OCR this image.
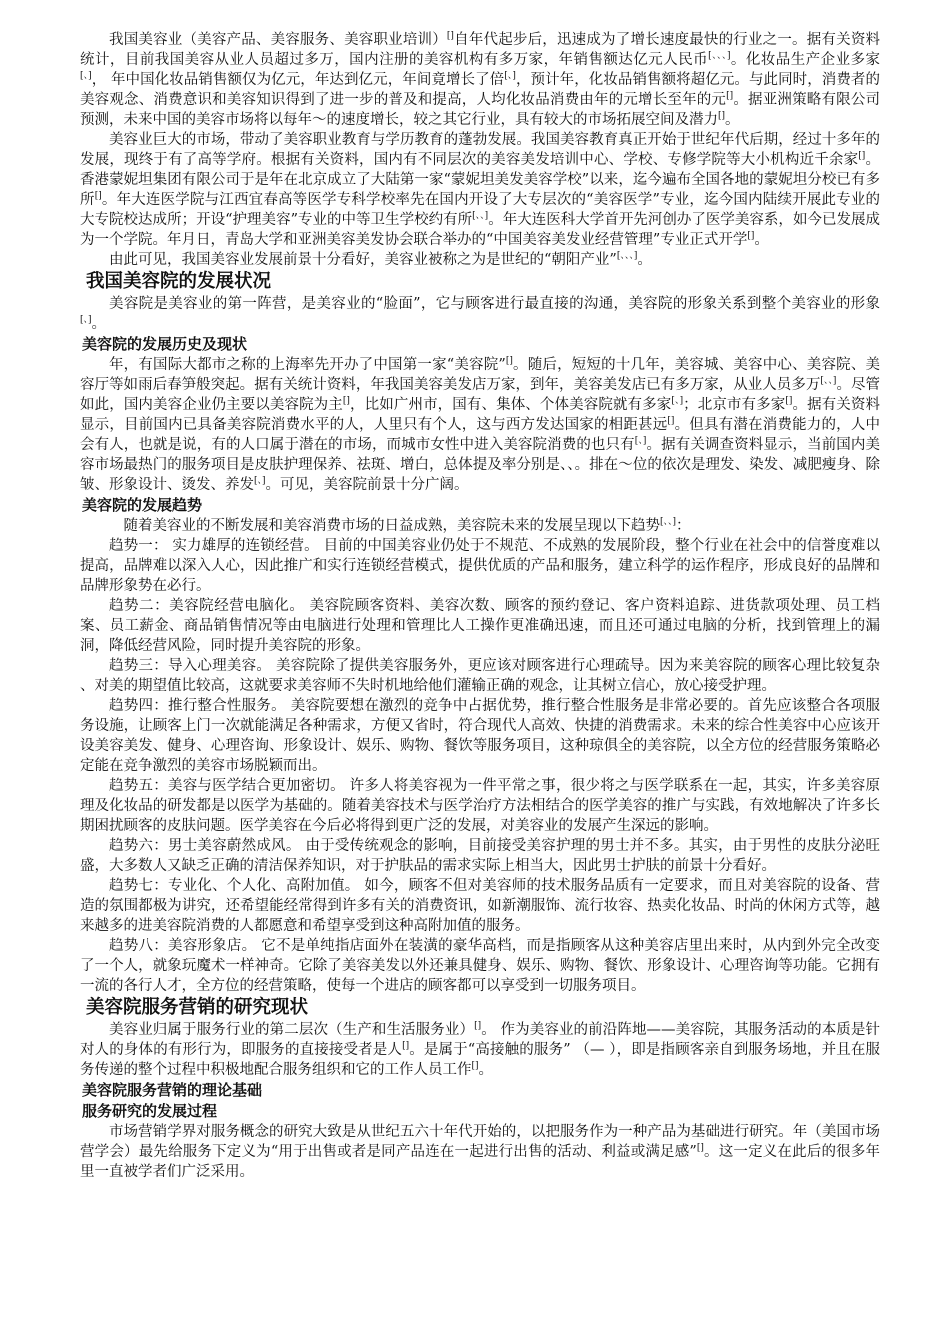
我国美容业（美容产品、美容服务、美容职业培训）[]自年代起步后，迅速成为了增长速度最快的行业之一。据有关资料统计，目前我国美容从业人员超过多万，国内注册的美容机构有多万家，年销售额达亿元人民币[、、、]。化妆品生产企业多家[、]， 年中国化妆品销售额仅为亿元，年达到亿元，年间竟增长了倍[、]，预计年，化妆品销售额将超亿元。与此同时，消费者的美容观念、消费意识和美容知识得到了进一步的普及和提高，人均化妆品消费由年的元增长至年的元[]。据亚洲策略有限公司预测，未来中国的美容市场将以每年～的速度增长，较之其它行业，具有较大的市场拓展空间及潜力[]。

美容业巨大的市场，带动了美容职业教育与学历教育的蓬勃发展。我国美容教育真正开始于世纪年代后期，经过十多年的发展，现终于有了高等学府。根据有关资料，国内有不同层次的美容美发培训中心、学校、专修学院等大小机构近千余家[]。香港蒙妮坦集团有限公司于是年在北京成立了大陆第一家“蒙妮坦美发美容学校”以来，迄今遍布全国各地的蒙妮坦分校已有多所[]。年大连医学院与江西宜春高等医学专科学校率先在国内开设了大专层次的“美容医学”专业，迄今国内陆续开展此专业的大专院校达成所；开设“护理美容”专业的中等卫生学校约有所[、、]。年大连医科大学首开先河创办了医学美容系，如今已发展成为一个学院。年月日，青岛大学和亚洲美容美发协会联合举办的“中国美容美发业经营管理”专业正式开学[]。

由此可见，我国美容业发展前景十分看好，美容业被称之为是世纪的“朝阳产业”[、、、]。

我国美容院的发展状况

美容院是美容业的第一阵营，是美容业的“脸面”，它与顾客进行最直接的沟通，美容院的形象关系到整个美容业的形象[、]。

美容院的发展历史及现状

年，有国际大都市之称的上海率先开办了中国第一家“美容院”[]。随后，短短的十几年，美容城、美容中心、美容院、美容厅等如雨后春笋般突起。据有关统计资料，年我国美容美发店万家，到年，美容美发店已有多万家，从业人员多万[、、]。尽管如此，国内美容企业仍主要以美容院为主[]，比如广州市，国有、集体、个体美容院就有多家[、]；北京市有多家[]。据有关资料显示，目前国内已具备美容院消费水平的人，人里只有个人，这与西方发达国家的相距甚远[]。但具有潜在消费能力的，人中会有人，也就是说，有的人口属于潜在的市场，而城市女性中进入美容院消费的也只有[、]。据有关调查资料显示，当前国内美容市场最热门的服务项目是皮肤护理保养、祛斑、增白，总体提及率分别是、、。排在～位的依次是理发、染发、减肥瘦身、除皱、形象设计、烫发、养发[、]。可见，美容院前景十分广阔。

美容院的发展趋势

随着美容业的不断发展和美容消费市场的日益成熟，美容院未来的发展呈现以下趋势[、、]：

趋势一： 实力雄厚的连锁经营。 目前的中国美容业仍处于不规范、不成熟的发展阶段，整个行业在社会中的信誉度难以提高，品牌难以深入人心，因此推广和实行连锁经营模式，提供优质的产品和服务，建立科学的运作程序，形成良好的品牌和品牌形象势在必行。

趋势二：美容院经营电脑化。 美容院顾客资料、美容次数、顾客的预约登记、客户资料追踪、进货款项处理、员工档案、员工薪金、商品销售情况等由电脑进行处理和管理比人工操作更准确迅速，而且还可通过电脑的分析，找到管理上的漏洞，降低经营风险，同时提升美容院的形象。

趋势三：导入心理美容。 美容院除了提供美容服务外，更应该对顾客进行心理疏导。因为来美容院的顾客心理比较复杂 、对美的期望值比较高，这就要求美容师不失时机地给他们灌输正确的观念，让其树立信心，放心接受护理。

趋势四：推行整合性服务。 美容院要想在激烈的竞争中占据优势，推行整合性服务是非常必要的。首先应该整合各项服务设施，让顾客上门一次就能满足各种需求，方便又省时，符合现代人高效、快捷的消费需求。未来的综合性美容中心应该开设美容美发、健身、心理咨询、形象设计、娱乐、购物、餐饮等服务项目，这种琼俱全的美容院，以全方位的经营服务策略必定能在竞争激烈的美容市场脱颖而出。

趋势五：美容与医学结合更加密切。 许多人将美容视为一件平常之事，很少将之与医学联系在一起，其实，许多美容原理及化妆品的研发都是以医学为基础的。随着美容技术与医学治疗方法相结合的医学美容的推广与实践，有效地解决了许多长期困扰顾客的皮肤问题。医学美容在今后必将得到更广泛的发展，对美容业的发展产生深远的影响。

趋势六：男士美容蔚然成风。 由于受传统观念的影响，目前接受美容护理的男士并不多。其实，由于男性的皮肤分泌旺盛，大多数人又缺乏正确的清洁保养知识，对于护肤品的需求实际上相当大，因此男士护肤的前景十分看好。

趋势七：专业化、个人化、高附加值。 如今，顾客不但对美容师的技术服务品质有一定要求，而且对美容院的设备、营造的氛围都极为讲究，还希望能经常得到许多有关的消费资讯，如新潮服饰、流行妆容、热卖化妆品、时尚的休闲方式等，越来越多的进美容院消费的人都愿意和希望享受到这种高附加值的服务。

趋势八：美容形象店。 它不是单纯指店面外在装潢的豪华高档，而是指顾客从这种美容店里出来时，从内到外完全改变了一个人，就象玩魔术一样神奇。它除了美容美发以外还兼具健身、娱乐、购物、餐饮、形象设计、心理咨询等功能。它拥有一流的各行人才，全方位的经营策略，使每一个进店的顾客都可以享受到一切服务项目。

美容院服务营销的研究现状

美容业归属于服务行业的第二层次（生产和生活服务业）[]。 作为美容业的前沿阵地——美容院，其服务活动的本质是针对人的身体的有形行为，即服务的直接接受者是人[]。是属于“高接触的服务” （— ），即是指顾客亲自到服务场地，并且在服务传递的整个过程中积极地配合服务组织和它的工作人员工作[]。

美容院服务营销的理论基础
服务研究的发展过程

市场营销学界对服务概念的研究大致是从世纪五六十年代开始的，以把服务作为一种产品为基础进行研究。年（美国市场营学会）最先给服务下定义为“用于出售或者是同产品连在一起进行出售的活动、利益或满足感”[]。这一定义在此后的很多年里一直被学者们广泛采用。
